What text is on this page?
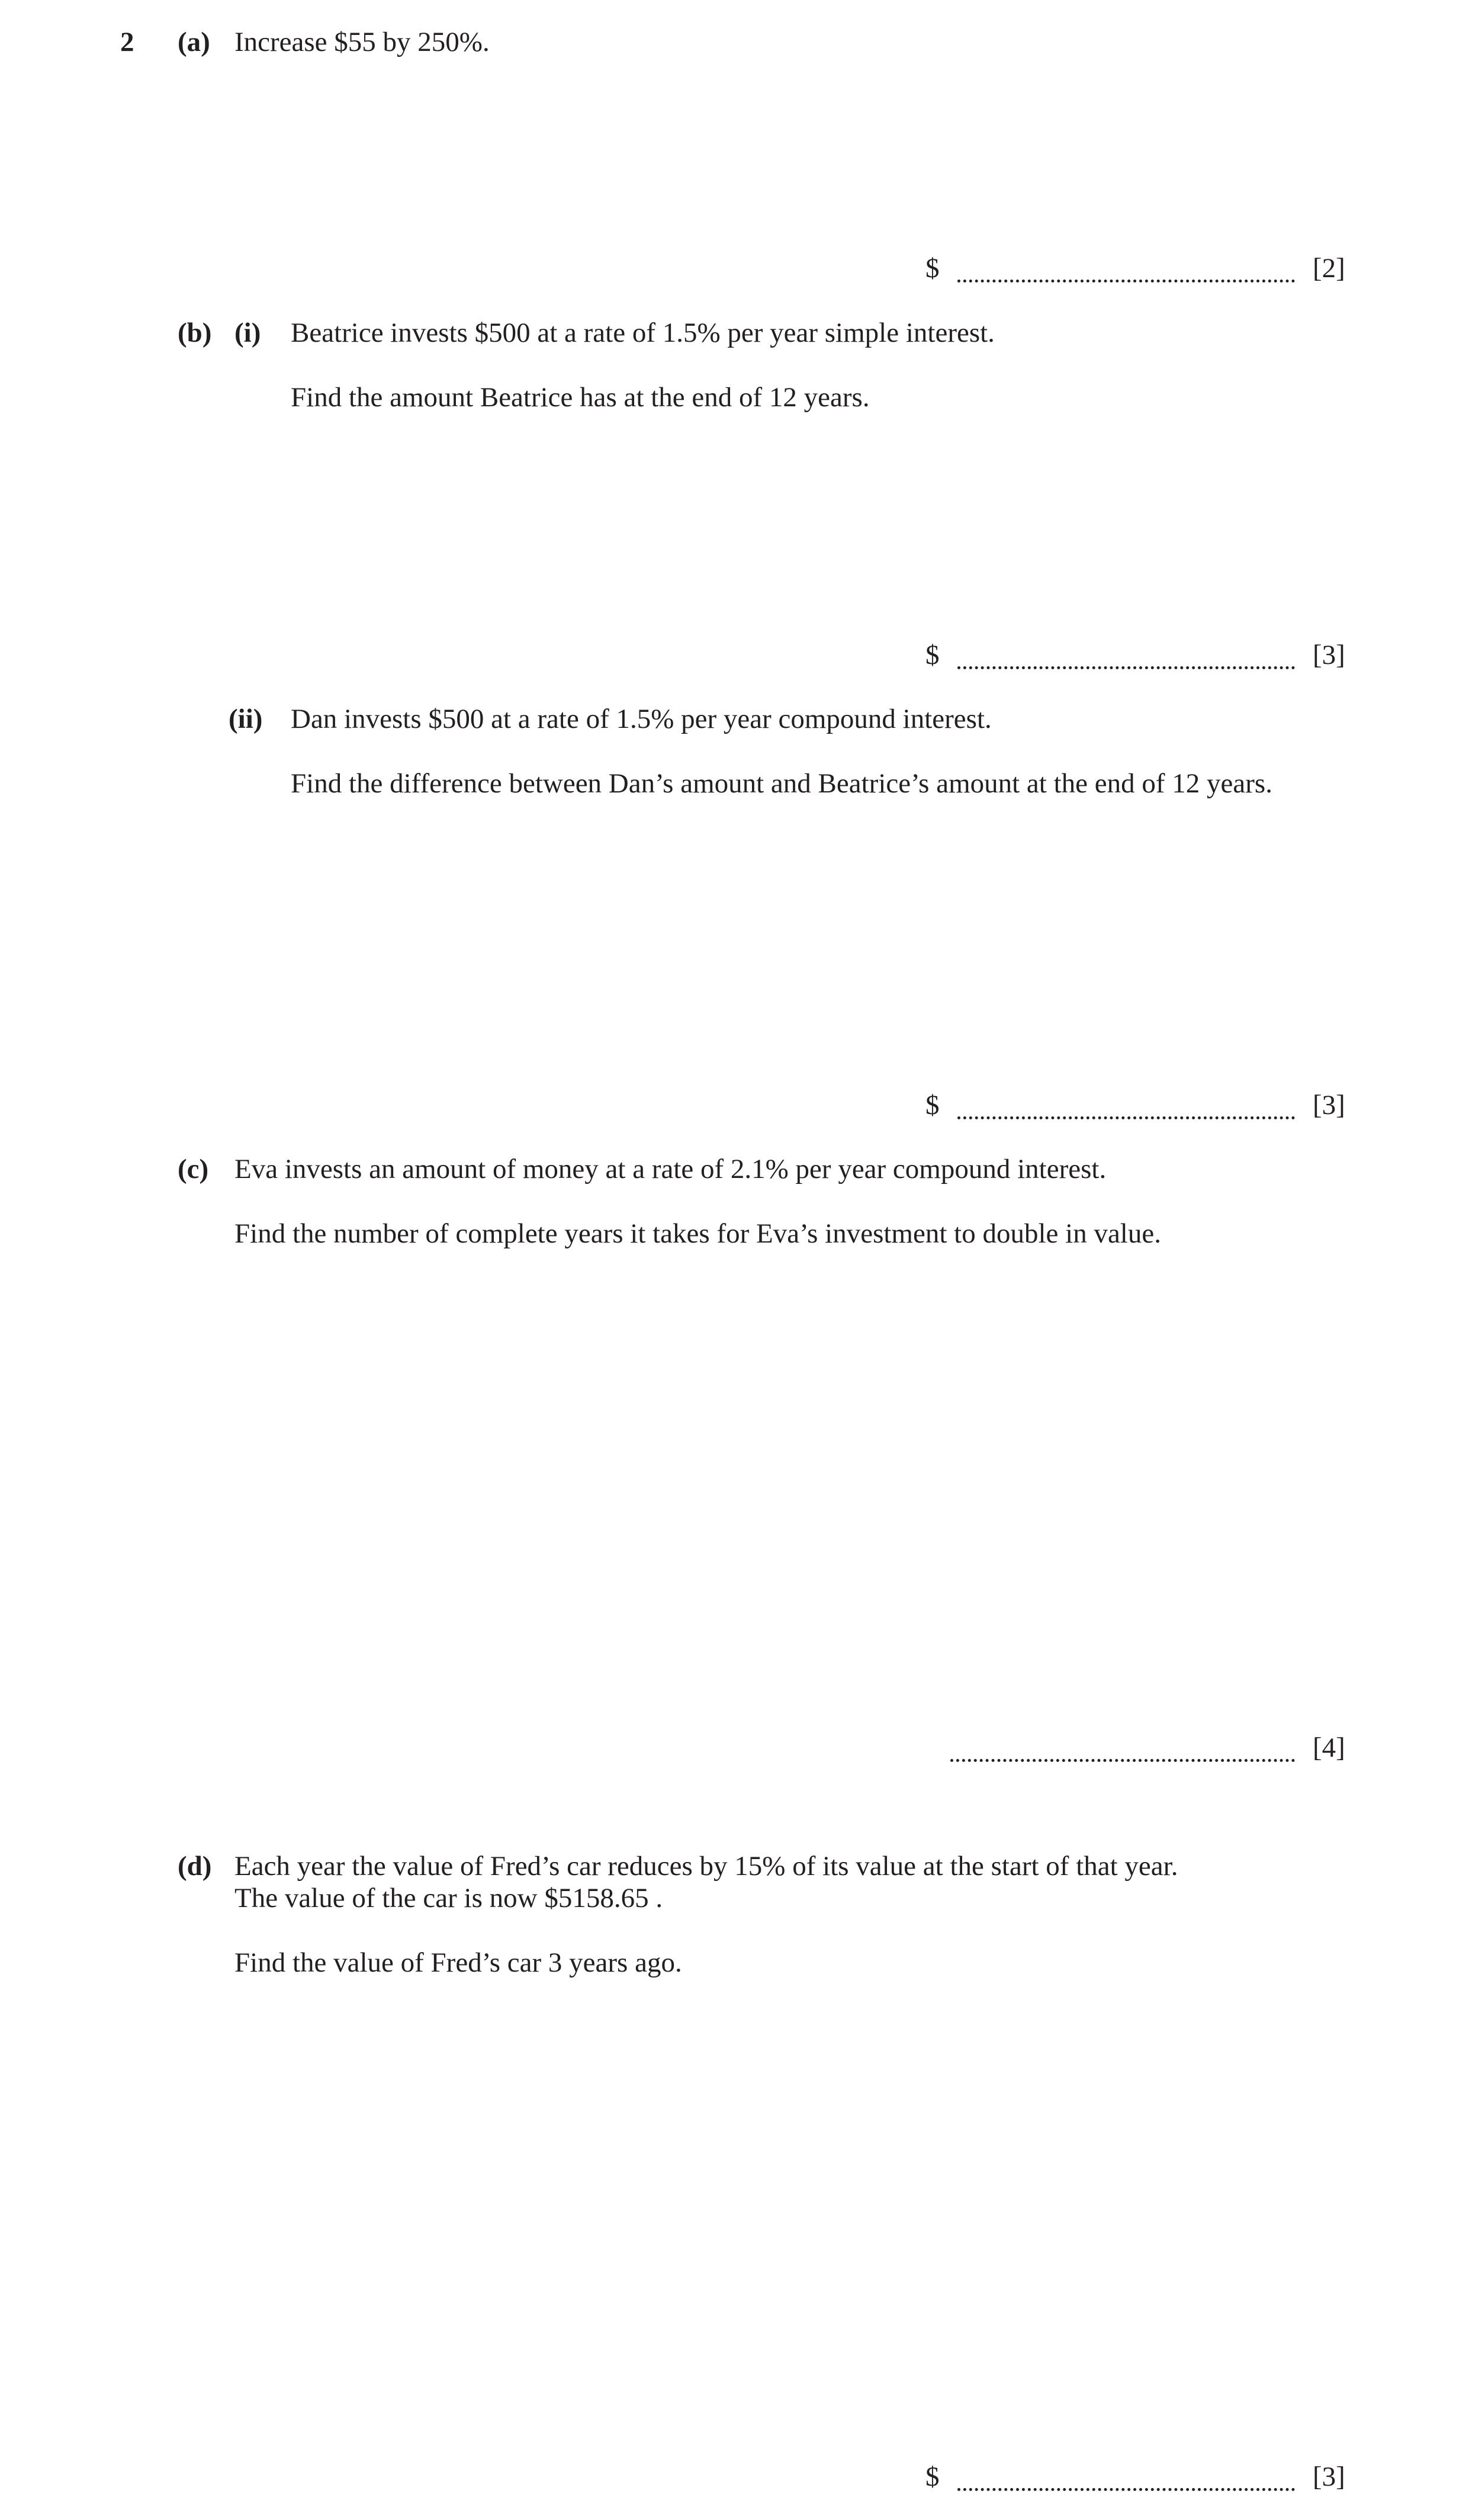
2 (a) Increase $55 by 250%.
$	[2]
(b) (i) Beatrice invests $500 at a rate of 1.5% per year simple interest.
Find the amount Beatrice has at the end of 12 years.
$	[3]
(ii) Dan invests $500 at a rate of 1.5% per year compound interest.
Find the difference between Dan’s amount and Beatrice’s amount at the end of 12 years.
$	[3]
(c) Eva invests an amount of money at a rate of 2.1% per year compound interest.
Find the number of complete years it takes for Eva’s investment to double in value.
[4]
(d) Each year the value of Fred’s car reduces by 15% of its value at the start of that year.
The value of the car is now $5158.65 .
Find the value of Fred’s car 3 years ago.
$	[3]
